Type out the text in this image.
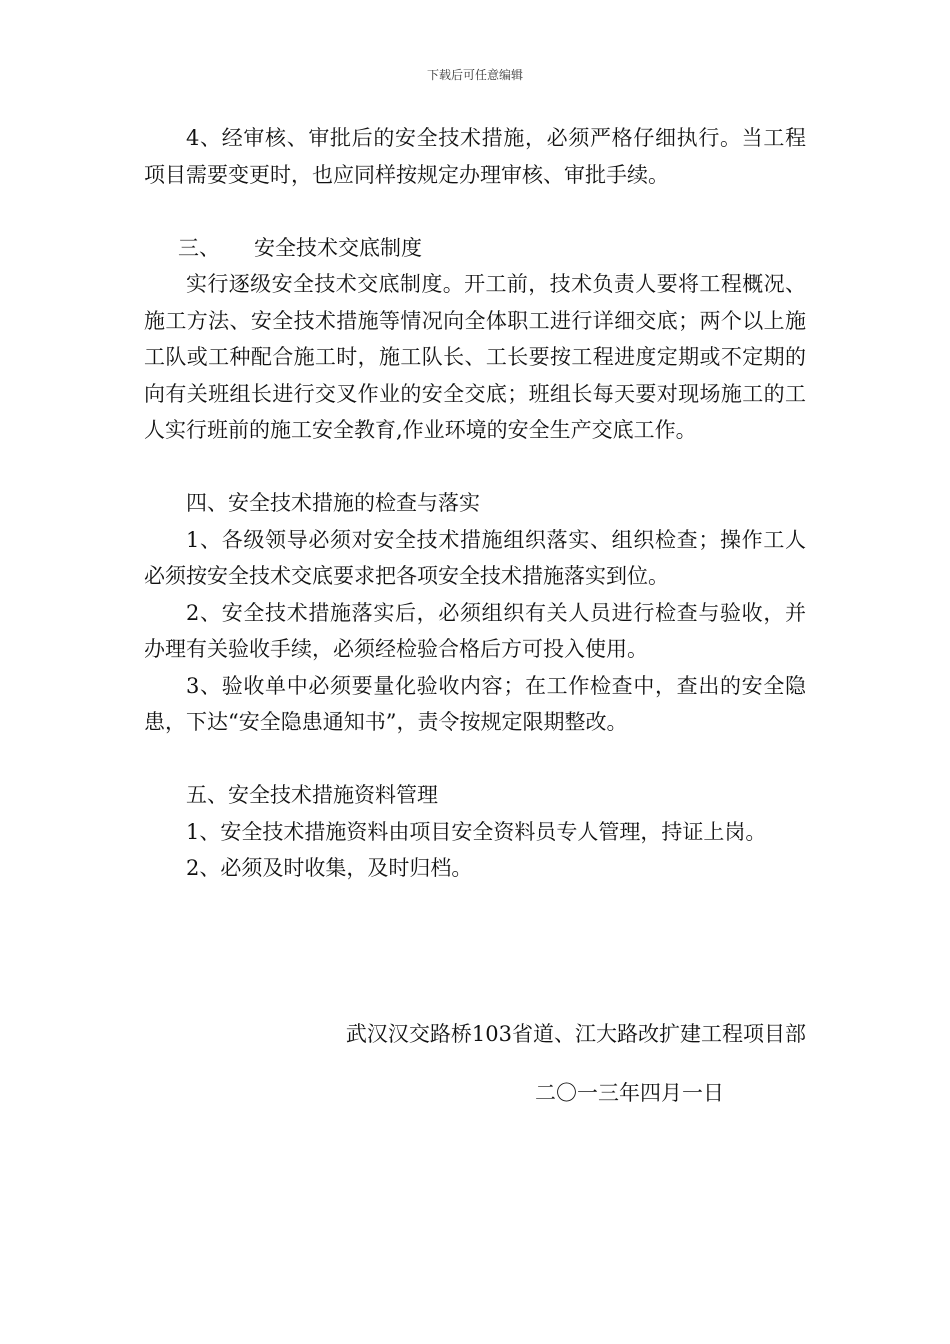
下载后可任意编辑

4、经审核、审批后的安全技术措施，必须严格仔细执行。当工程项目需要变更时，也应同样按规定办理审核、审批手续。

三、 安全技术交底制度

实行逐级安全技术交底制度。开工前，技术负责人要将工程概况、施工方法、安全技术措施等情况向全体职工进行详细交底；两个以上施工队或工种配合施工时，施工队长、工长要按工程进度定期或不定期的向有关班组长进行交叉作业的安全交底；班组长每天要对现场施工的工人实行班前的施工安全教育,作业环境的安全生产交底工作。

四、安全技术措施的检查与落实

1、各级领导必须对安全技术措施组织落实、组织检查；操作工人必须按安全技术交底要求把各项安全技术措施落实到位。

2、安全技术措施落实后，必须组织有关人员进行检查与验收，并办理有关验收手续，必须经检验合格后方可投入使用。

3、验收单中必须要量化验收内容；在工作检查中，查出的安全隐患，下达“安全隐患通知书”，责令按规定限期整改。

五、安全技术措施资料管理

1、安全技术措施资料由项目安全资料员专人管理，持证上岗。

2、必须及时收集，及时归档。

武汉汉交路桥103省道、江大路改扩建工程项目部
二〇一三年四月一日
